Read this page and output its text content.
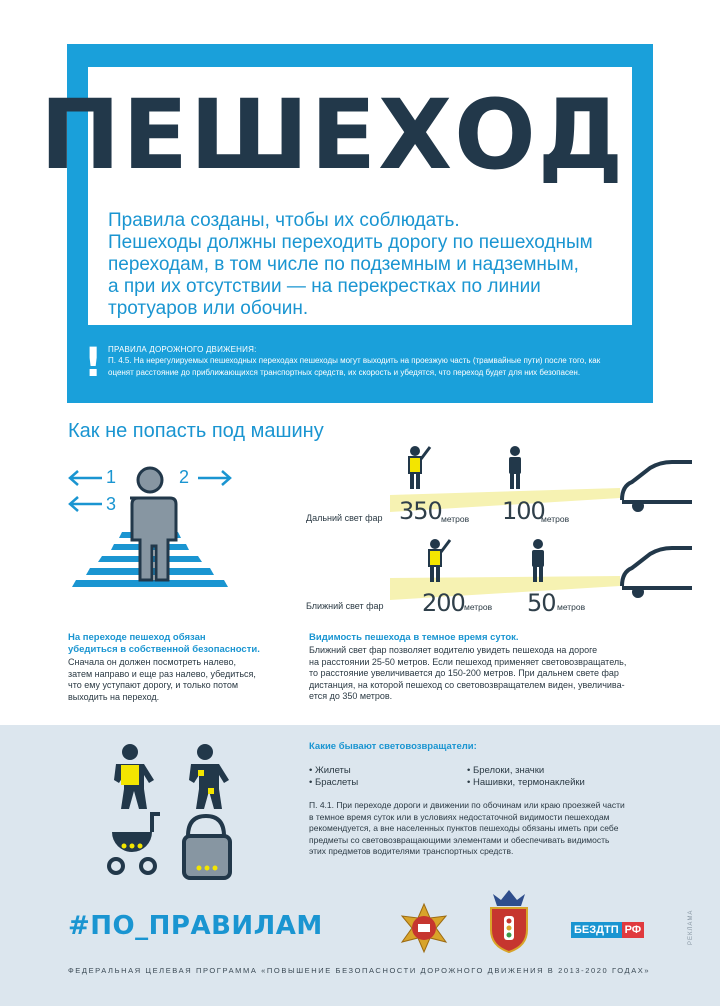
ПЕШЕХОД
Правила созданы, чтобы их соблюдать.
Пешеходы должны переходить дорогу по пешеходным
переходам, в том числе по подземным и надземным,
а при их отсутствии — на перекрестках по линии
тротуаров или обочин.
! ПРАВИЛА ДОРОЖНОГО ДВИЖЕНИЯ:
П. 4.5. На нерегулируемых пешеходных переходах пешеходы могут выходить на проезжую часть (трамвайные пути) после того, как оценят расстояние до приближающихся транспортных средств, их скорость и убедятся, что переход будет для них безопасен.
Как не попасть под машину
1	2
3
Дальний свет фар 350 метров 100
метров
Ближний свет фар 200 метров 50 метров
На переходе пешеход обязан
убедиться в собственной безопасности.
Сначала он должен посмотреть налево,
затем направо и еще раз налево, убедиться,
что ему уступают дорогу, и только потом
выходить на переход.
Видимость пешехода в темное время суток.
Ближний свет фар позволяет водителю увидеть пешехода на дороге
на расстоянии 25-50 метров. Если пешеход применяет световозвращатель,
то расстояние увеличивается до 150-200 метров. При дальнем свете фар
дистанция, на которой пешеход со световозвращателем виден, увеличива-
ется до 350 метров.
Какие бывают световозвращатели:
• Жилеты
• Браслеты
• Брелоки, значки
• Нашивки, термонаклейки
П. 4.1. При переходе дороги и движении по обочинам или краю проезжей части
в темное время суток или в условиях недостаточной видимости пешеходам
рекомендуется, а вне населенных пунктов пешеходы обязаны иметь при себе
предметы со световозвращающими элементами и обеспечивать видимость
этих предметов водителями транспортных средств.
#ПО_ПРАВИЛАМ	БЕЗДТП РФ
ФЕДЕРАЛЬНАЯ ЦЕЛЕВАЯ ПРОГРАММА «ПОВЫШЕНИЕ БЕЗОПАСНОСТИ ДОРОЖНОГО ДВИЖЕНИЯ В 2013-2020 ГОДАХ»
РЕКЛАМА
